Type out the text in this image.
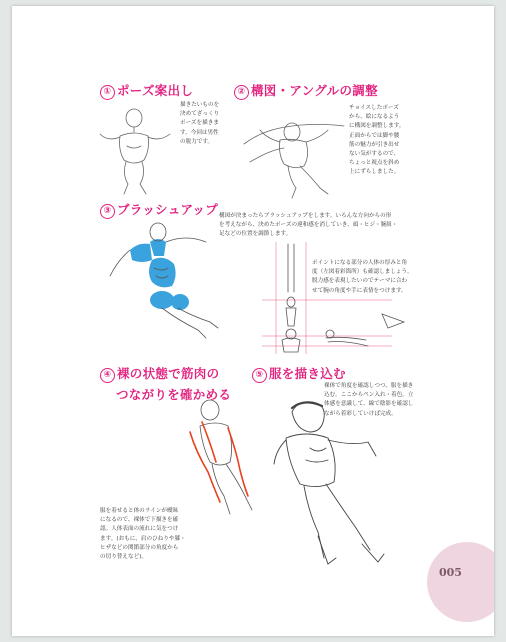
① ポーズ案出し
描きたいものを
決めてざっくり
ポーズを描きま
す。今回は男性
の脱力です。
② 構図・アングルの調整
チョイスしたポーズ
から、絵になるよう
に構図を調整します。
正面からでは脚や腰
筋の魅力が引き出せ
ない気がするので、
ちょっと視点を斜め
上にずらしました。
③ ブラッシュアップ 構図が決まったらブラッシュアップをします。いろんな方向からの形
を考えながら、決めたポーズの違和感を消していき、頭・ヒジ・腕組・
足などの位置を調節します。
ポイントになる部分の人体の厚みと角
度（左図着彩箇所）も確認しましょう。
脱力感を表現したいのでテーマに合わ
せて腕の角度や手に表情をつけます。
④ 裸の状態で筋肉の
つながりを確かめる
服を着せると体のラインが曖昧
になるので、裸体で下描きを確
認。人体表面の流れに気をつけ
ます。(おもに、肩のひねりや膝・
ヒザなどの関節部分の角度から
の切り替えなど)。
⑤ 服を描き込む
裸体で角度を確認しつつ、服を描き
込む。ここからペン入れ・着色。立
体感を意識して、線で陰影を確認し
ながら着彩していけば完成。
005
